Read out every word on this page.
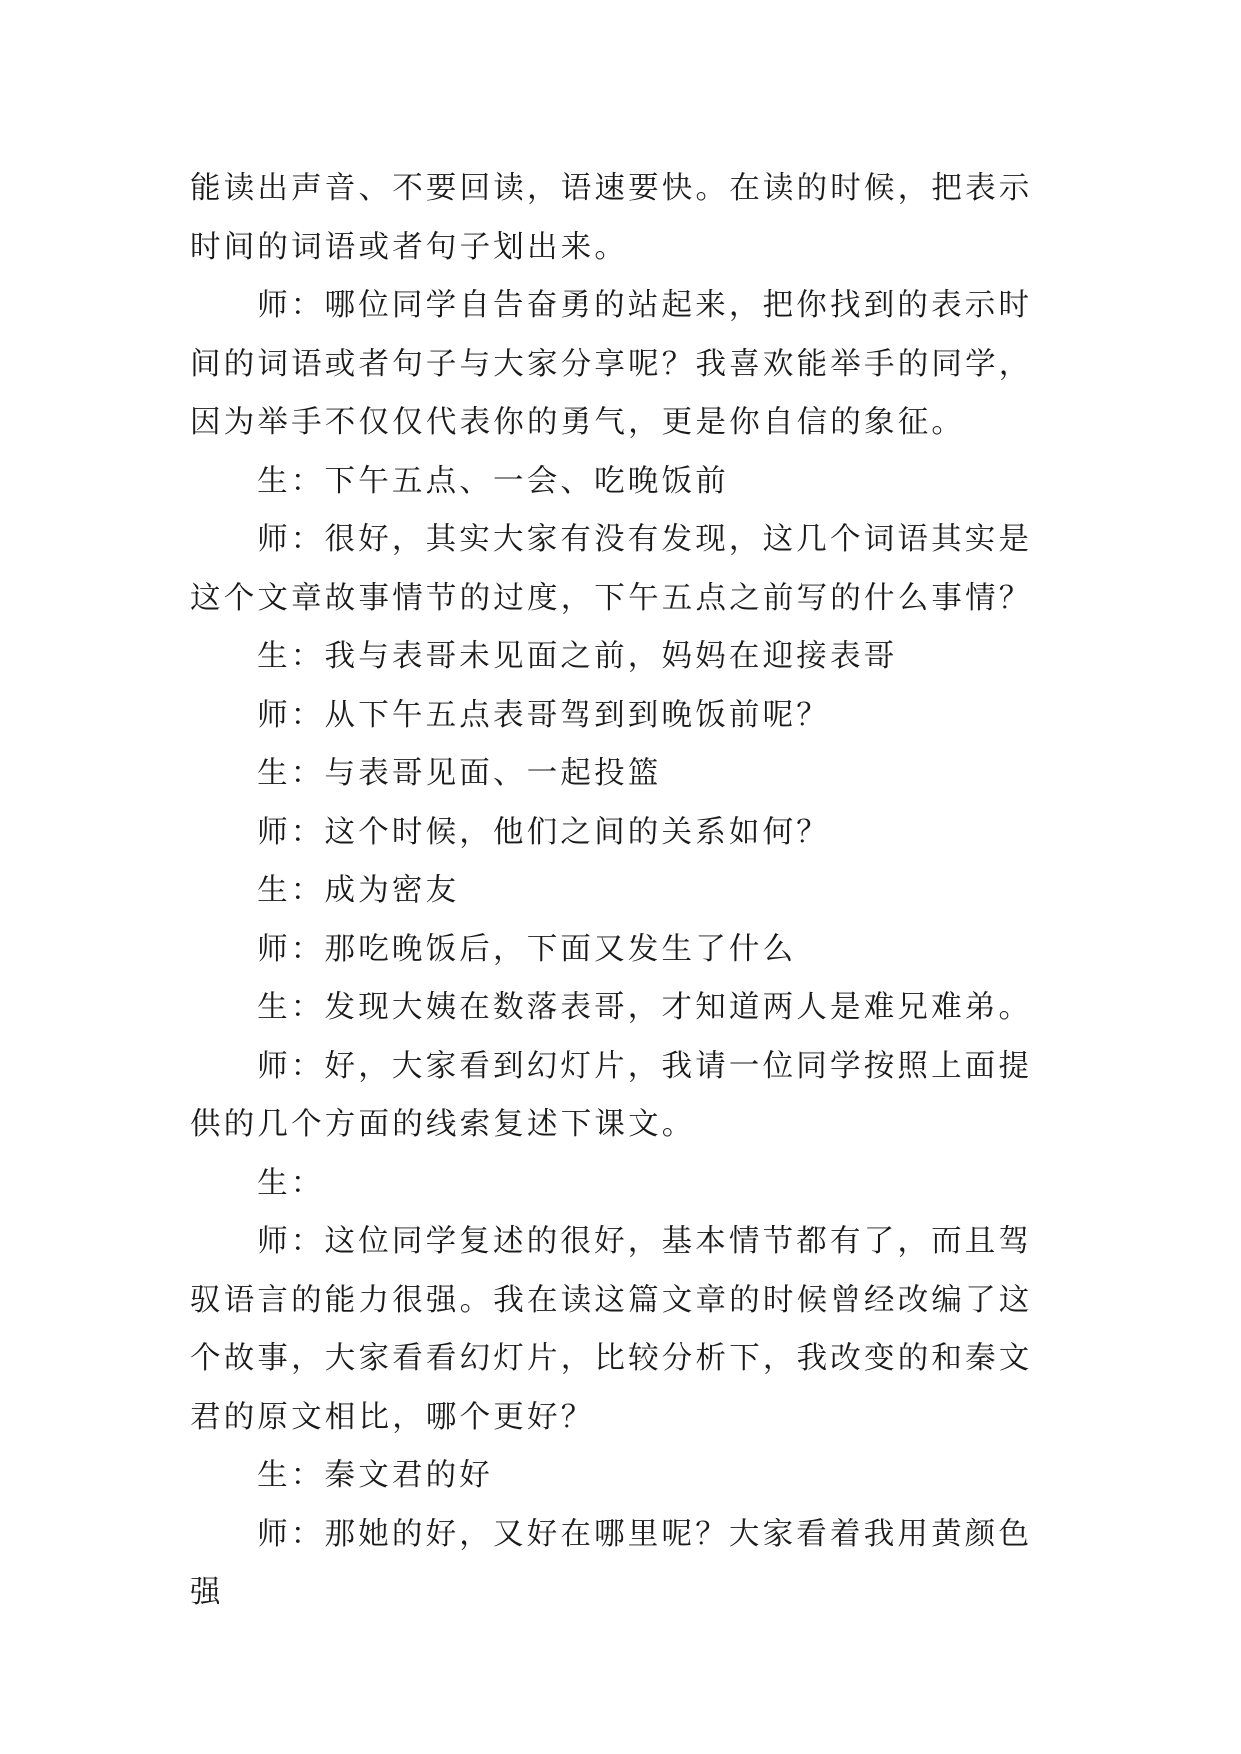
能读出声音、不要回读，语速要快。在读的时候，把表示时间的词语或者句子划出来。

师：哪位同学自告奋勇的站起来，把你找到的表示时间的词语或者句子与大家分享呢？我喜欢能举手的同学，因为举手不仅仅代表你的勇气，更是你自信的象征。

生：下午五点、一会、吃晚饭前

师：很好，其实大家有没有发现，这几个词语其实是这个文章故事情节的过度，下午五点之前写的什么事情？

生：我与表哥未见面之前，妈妈在迎接表哥

师：从下午五点表哥驾到到晚饭前呢？

生：与表哥见面、一起投篮

师：这个时候，他们之间的关系如何？

生：成为密友

师：那吃晚饭后，下面又发生了什么

生：发现大姨在数落表哥，才知道两人是难兄难弟。

师：好，大家看到幻灯片，我请一位同学按照上面提供的几个方面的线索复述下课文。

生：

师：这位同学复述的很好，基本情节都有了，而且驾驭语言的能力很强。我在读这篇文章的时候曾经改编了这个故事，大家看看幻灯片，比较分析下，我改变的和秦文君的原文相比，哪个更好？

生：秦文君的好

师：那她的好，又好在哪里呢？大家看着我用黄颜色强
